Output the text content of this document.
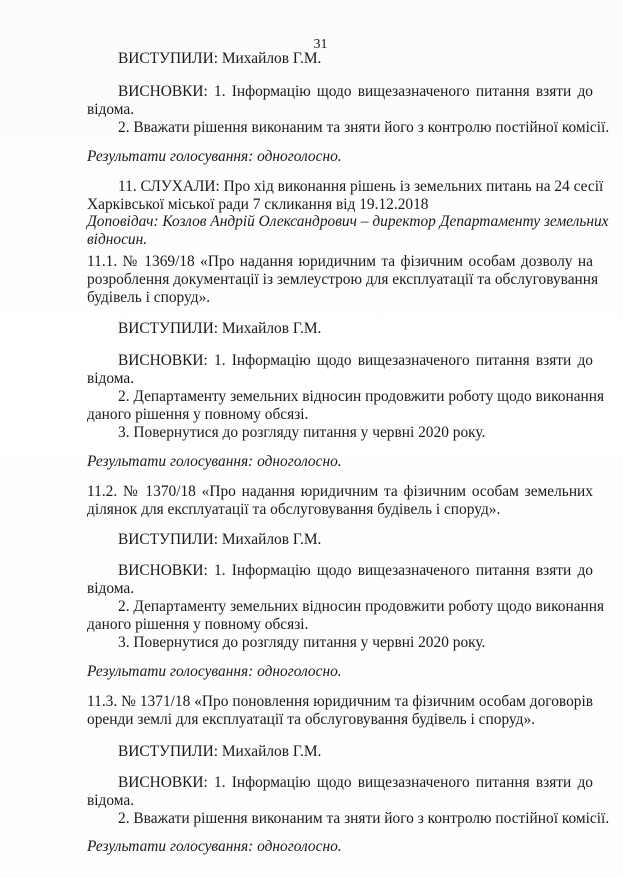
31
ВИСТУПИЛИ: Михайлов Г.М.
ВИСНОВКИ: 1. Інформацію щодо вищезазначеного питання взяти до
відома.
2. Вважати рішення виконаним та зняти його з контролю постійної комісії.
Результати голосування: одноголосно.
11. СЛУХАЛИ: Про хід виконання рішень із земельних питань на 24 сесії
Харківської міської ради 7 скликання від 19.12.2018
Доповідач: Козлов Андрій Олександрович – директор Департаменту земельних
відносин.
11.1. № 1369/18 «Про надання юридичним та фізичним особам дозволу на
розроблення документації із землеустрою для експлуатації та обслуговування
будівель і споруд».
ВИСТУПИЛИ: Михайлов Г.М.
ВИСНОВКИ: 1. Інформацію щодо вищезазначеного питання взяти до
відома.
2. Департаменту земельних відносин продовжити роботу щодо виконання
даного рішення у повному обсязі.
3. Повернутися до розгляду питання у червні 2020 року.
Результати голосування: одноголосно.
11.2. № 1370/18 «Про надання юридичним та фізичним особам земельних
ділянок для експлуатації та обслуговування будівель і споруд».
ВИСТУПИЛИ: Михайлов Г.М.
ВИСНОВКИ: 1. Інформацію щодо вищезазначеного питання взяти до
відома.
2. Департаменту земельних відносин продовжити роботу щодо виконання
даного рішення у повному обсязі.
3. Повернутися до розгляду питання у червні 2020 року.
Результати голосування: одноголосно.
11.3. № 1371/18 «Про поновлення юридичним та фізичним особам договорів
оренди землі для експлуатації та обслуговування будівель і споруд».
ВИСТУПИЛИ: Михайлов Г.М.
ВИСНОВКИ: 1. Інформацію щодо вищезазначеного питання взяти до
відома.
2. Вважати рішення виконаним та зняти його з контролю постійної комісії.
Результати голосування: одноголосно.
